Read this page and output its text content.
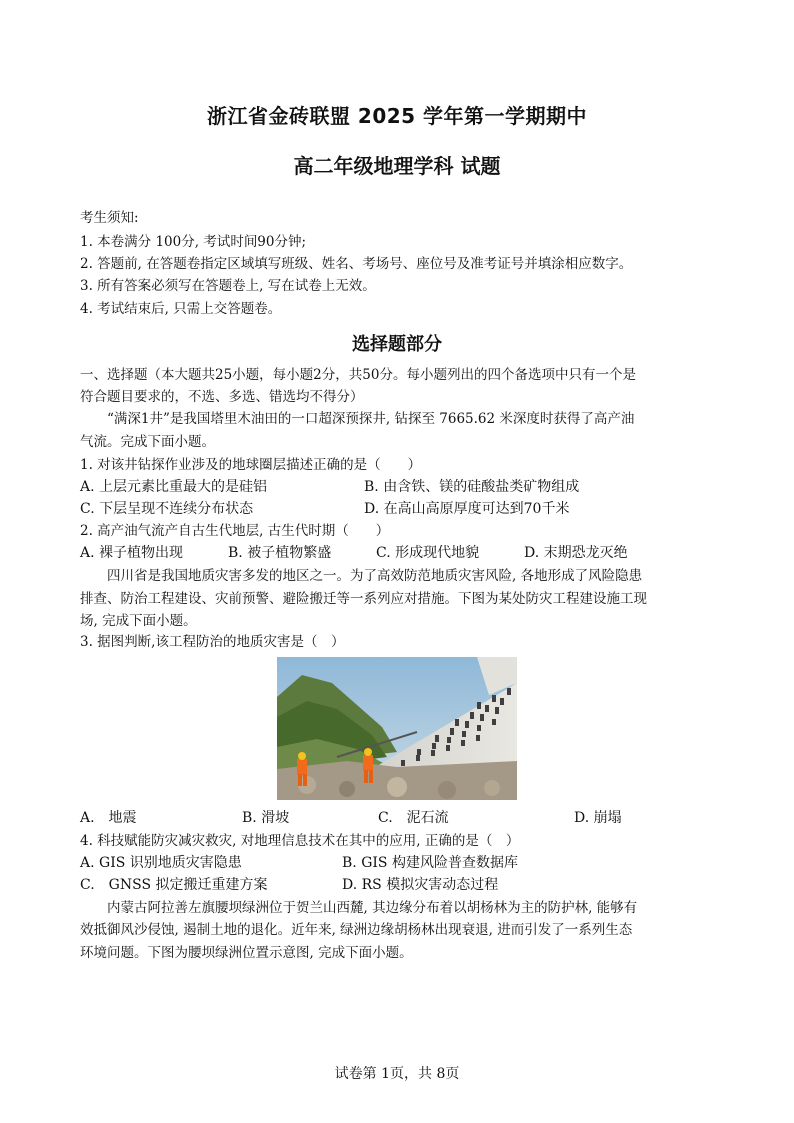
浙江省金砖联盟 2025 学年第一学期期中
高二年级地理学科 试题
考生须知:
1. 本卷满分 100分, 考试时间90分钟;
2. 答题前, 在答题卷指定区域填写班级、姓名、考场号、座位号及准考证号并填涂相应数字。
3. 所有答案必须写在答题卷上, 写在试卷上无效。
4. 考试结束后, 只需上交答题卷。
选择题部分
一、选择题（本大题共25小题，每小题2分，共50分。每小题列出的四个备选项中只有一个是
符合题目要求的，不选、多选、错选均不得分）
“满深1井”是我国塔里木油田的一口超深预探井, 钻探至 7665.62 米深度时获得了高产油
气流。完成下面小题。
1. 对该井钻探作业涉及的地球圈层描述正确的是（　　）
A. 上层元素比重最大的是硅铝	B. 由含铁、镁的硅酸盐类矿物组成
C. 下层呈现不连续分布状态	D. 在高山高原厚度可达到70千米
2. 高产油气流产自古生代地层, 古生代时期（　　）
A. 裸子植物出现	B. 被子植物繁盛	C. 形成现代地貌	D. 末期恐龙灭绝
四川省是我国地质灾害多发的地区之一。为了高效防范地质灾害风险, 各地形成了风险隐患
排查、防治工程建设、灾前预警、避险搬迁等一系列应对措施。下图为某处防灾工程建设施工现
场, 完成下面小题。
3. 据图判断,该工程防治的地质灾害是（　）
A.　地震	B. 滑坡	C.　泥石流	D. 崩塌
4. 科技赋能防灾减灾救灾, 对地理信息技术在其中的应用, 正确的是（　）
A. GIS 识别地质灾害隐患	B. GIS 构建风险普查数据库
C.　GNSS 拟定搬迁重建方案	D. RS 模拟灾害动态过程
内蒙古阿拉善左旗腰坝绿洲位于贺兰山西麓, 其边缘分布着以胡杨林为主的防护林, 能够有
效抵御风沙侵蚀, 遏制土地的退化。近年来, 绿洲边缘胡杨林出现衰退, 进而引发了一系列生态
环境问题。下图为腰坝绿洲位置示意图, 完成下面小题。
试卷第 1页，共 8页
